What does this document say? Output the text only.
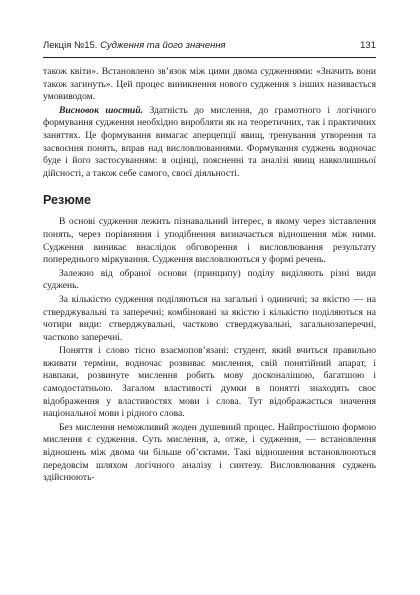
Лекція №15. Судження та його значення	131

також квіти». Встановлено зв’язок між цими двома судженнями: «Значить вони також загинуть». Цей процес виникнення нового судження з інших називається умовиводом.

Висновок шостий. Здатність до мислення, до грамотного і логічного формування судження необхідно виробляти як на теоретичних, так і практичних заняттях. Це формування вимагає аперцепції явищ, тренування утворення та засвоєння понять, вправ над висловлюваннями. Формування суджень водночас буде і його застосуванням: в оцінці, поясненні та аналізі явищ навколишньої дійсності, а також себе самого, своєї діяльності.

Резюме

В основі судження лежить пізнавальний інтерес, в якому через зіставлення понять, через порівняння і уподібнення визначається відношення між ними. Судження виникає внаслідок обговорення і висловлювання результату попереднього міркування. Судження висловлюються у формі речень.

Залежно від обраної основи (принципу) поділу виділяють різні види суджень.

За кількістю судження поділяються на загальні і одиничні; за якістю — на стверджувальні та заперечні; комбіновані за якістю і кількістю поділяються на чотири види: стверджувальні, частково стверджувальні, загальнозаперечні, частково заперечні.

Поняття і слово тісно взаємопов’язані: студент, який вчиться правильно вживати терміни, водночас розвиває мислення, свій понятійний апарат, і навпаки, розвинуте мислення робить мову досконалішою, багатшою і самодостатньою. Загалом властивості думки в понятті знаходять своє відображення у властивостях мови і слова. Тут відображається значення національної мови і рідного слова.

Без мислення неможливий жоден душевний процес. Найпростішою формою мислення є судження. Суть мислення, а, отже, і судження, — встановлення відношень між двома чи більше об’єктами. Такі відношення встановлюються передовсім шляхом логічного аналізу і синтезу. Висловлювання суджень здійснюють-
